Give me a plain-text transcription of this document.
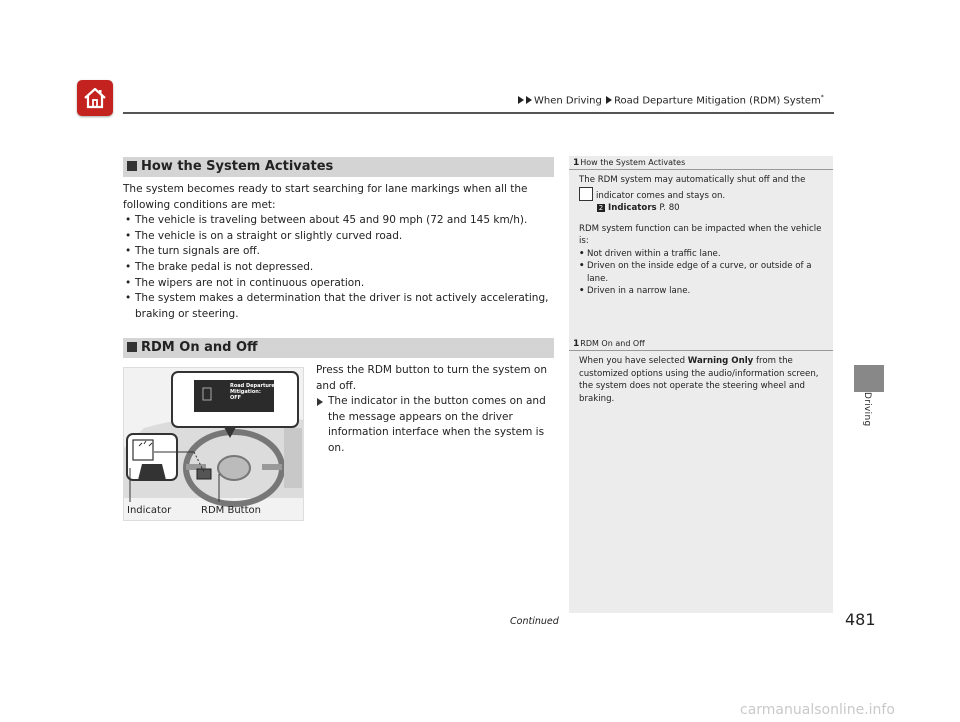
When Driving Road Departure Mitigation (RDM) System*
Driving
How the System Activates

The system becomes ready to start searching for lane markings when all the following conditions are met:

• The vehicle is traveling between about 45 and 90 mph (72 and 145 km/h).
• The vehicle is on a straight or slightly curved road.
• The turn signals are off.
• The brake pedal is not depressed.
• The wipers are not in continuous operation.
• The system makes a determination that the driver is not actively accelerating, braking or steering.
RDM On and Off
Road Departure
Mitigation:
OFF
Indicator	RDM Button

Press the RDM button to turn the system on and off.

The indicator in the button comes on and the message appears on the driver information interface when the system is on.

1How the System Activates
The RDM system may automatically shut off and the
indicator comes and stays on.
2 Indicators P. 80
RDM system function can be impacted when the vehicle is:
• Not driven within a traffic lane.
• Driven on the inside edge of a curve, or outside of a lane.
• Driven in a narrow lane.
1RDM On and Off
When you have selected Warning Only from the customized options using the audio/information screen, the system does not operate the steering wheel and braking.
Continued	481
carmanualsonline.info
